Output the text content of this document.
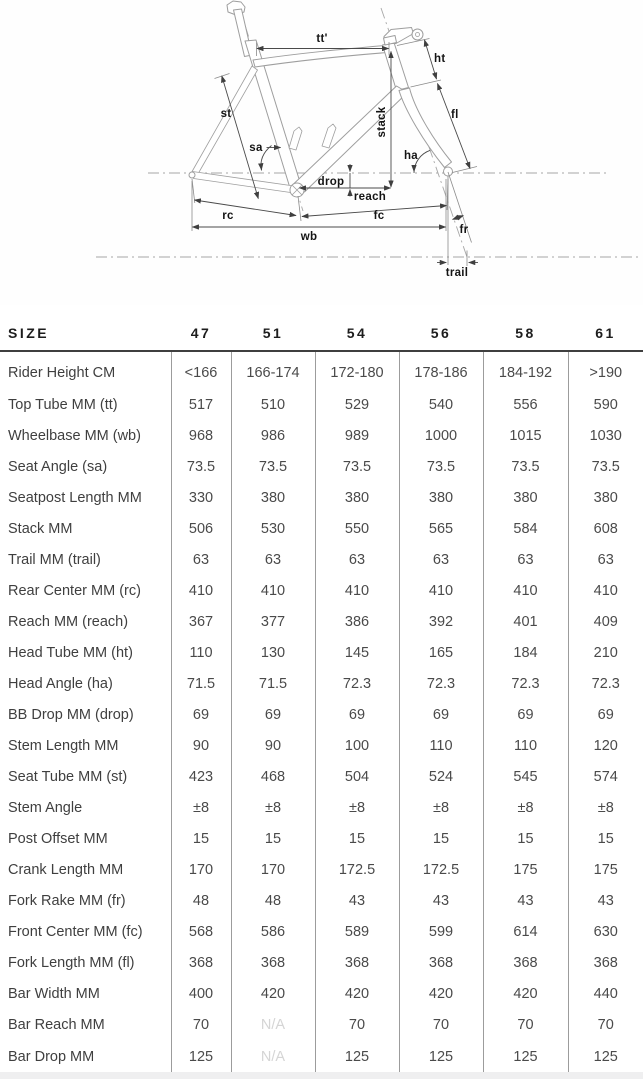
ttʹ
ht
fl
stack
ha
st
sa
drop
reach
rc	fc
wb
fr
trail
SIZE	47	51	54	56	58	61
Rider Height CM	<166	166-174	172-180	178-186	184-192	>190
Top Tube MM (tt)	517	510	529	540	556	590
Wheelbase MM (wb)	968	986	989	1000	1015	1030
Seat Angle (sa)	73.5	73.5	73.5	73.5	73.5	73.5
Seatpost Length MM	330	380	380	380	380	380
Stack MM	506	530	550	565	584	608
Trail MM (trail)	63	63	63	63	63	63
Rear Center MM (rc)	410	410	410	410	410	410
Reach MM (reach)	367	377	386	392	401	409
Head Tube MM (ht)	110	130	145	165	184	210
Head Angle (ha)	71.5	71.5	72.3	72.3	72.3	72.3
BB Drop MM (drop)	69	69	69	69	69	69
Stem Length MM	90	90	100	110	110	120
Seat Tube MM (st)	423	468	504	524	545	574
Stem Angle	±8	±8	±8	±8	±8	±8
Post Offset MM	15	15	15	15	15	15
Crank Length MM	170	170	172.5	172.5	175	175
Fork Rake MM (fr)	48	48	43	43	43	43
Front Center MM (fc)	568	586	589	599	614	630
Fork Length MM (fl)	368	368	368	368	368	368
Bar Width MM	400	420	420	420	420	440
Bar Reach MM	70	N/A	70	70	70	70
Bar Drop MM	125	N/A	125	125	125	125
